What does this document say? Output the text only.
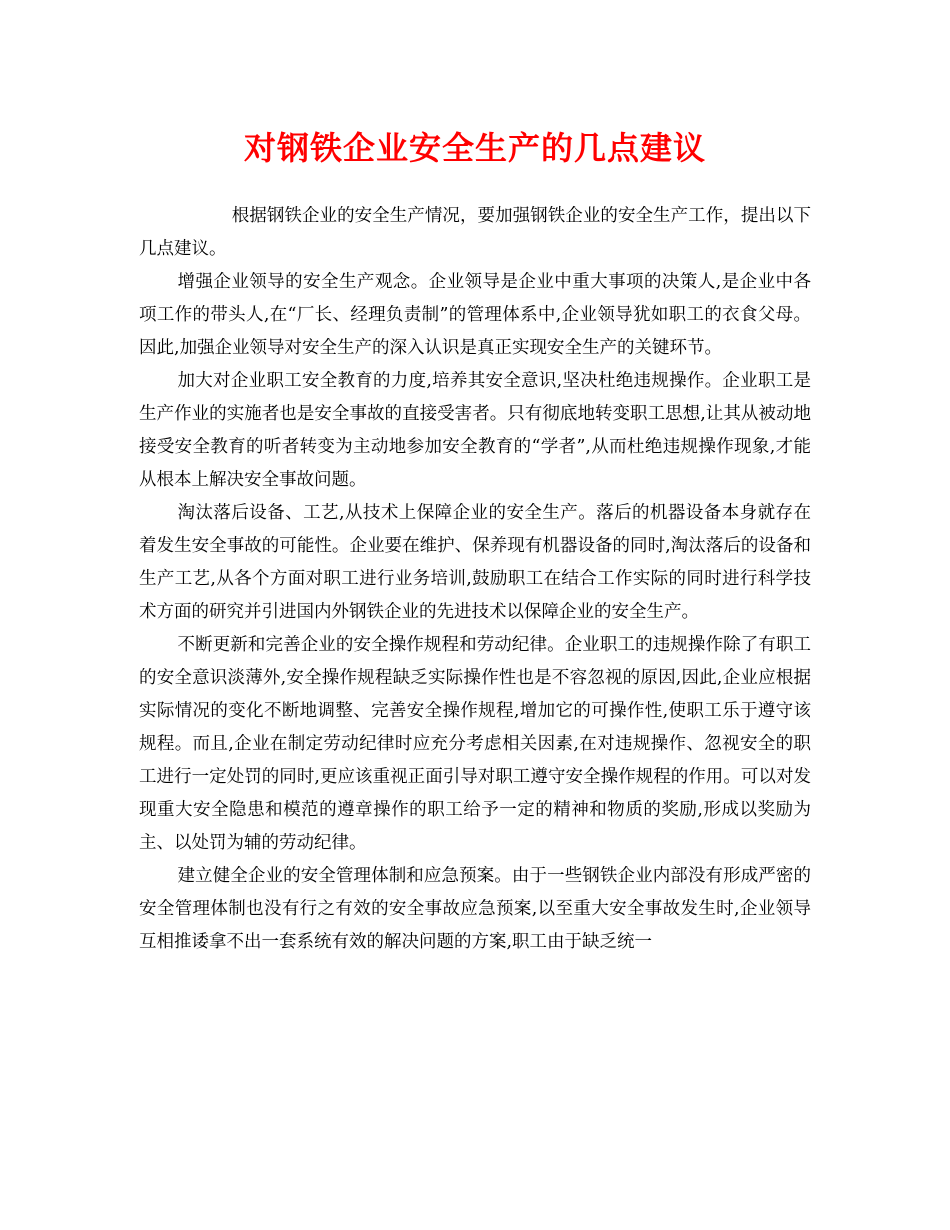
对钢铁企业安全生产的几点建议

根据钢铁企业的安全生产情况，要加强钢铁企业的安全生产工作，提出以下几点建议。

增强企业领导的安全生产观念。企业领导是企业中重大事项的决策人,是企业中各项工作的带头人,在“厂长、经理负责制”的管理体系中,企业领导犹如职工的衣食父母。因此,加强企业领导对安全生产的深入认识是真正实现安全生产的关键环节。

加大对企业职工安全教育的力度,培养其安全意识,坚决杜绝违规操作。企业职工是生产作业的实施者也是安全事故的直接受害者。只有彻底地转变职工思想,让其从被动地接受安全教育的听者转变为主动地参加安全教育的“学者”,从而杜绝违规操作现象,才能从根本上解决安全事故问题。

淘汰落后设备、工艺,从技术上保障企业的安全生产。落后的机器设备本身就存在着发生安全事故的可能性。企业要在维护、保养现有机器设备的同时,淘汰落后的设备和生产工艺,从各个方面对职工进行业务培训,鼓励职工在结合工作实际的同时进行科学技术方面的研究并引进国内外钢铁企业的先进技术以保障企业的安全生产。

不断更新和完善企业的安全操作规程和劳动纪律。企业职工的违规操作除了有职工的安全意识淡薄外,安全操作规程缺乏实际操作性也是不容忽视的原因,因此,企业应根据实际情况的变化不断地调整、完善安全操作规程,增加它的可操作性,使职工乐于遵守该规程。而且,企业在制定劳动纪律时应充分考虑相关因素,在对违规操作、忽视安全的职工进行一定处罚的同时,更应该重视正面引导对职工遵守安全操作规程的作用。可以对发现重大安全隐患和模范的遵章操作的职工给予一定的精神和物质的奖励,形成以奖励为主、以处罚为辅的劳动纪律。

建立健全企业的安全管理体制和应急预案。由于一些钢铁企业内部没有形成严密的安全管理体制也没有行之有效的安全事故应急预案,以至重大安全事故发生时,企业领导互相推诿拿不出一套系统有效的解决问题的方案,职工由于缺乏统一
